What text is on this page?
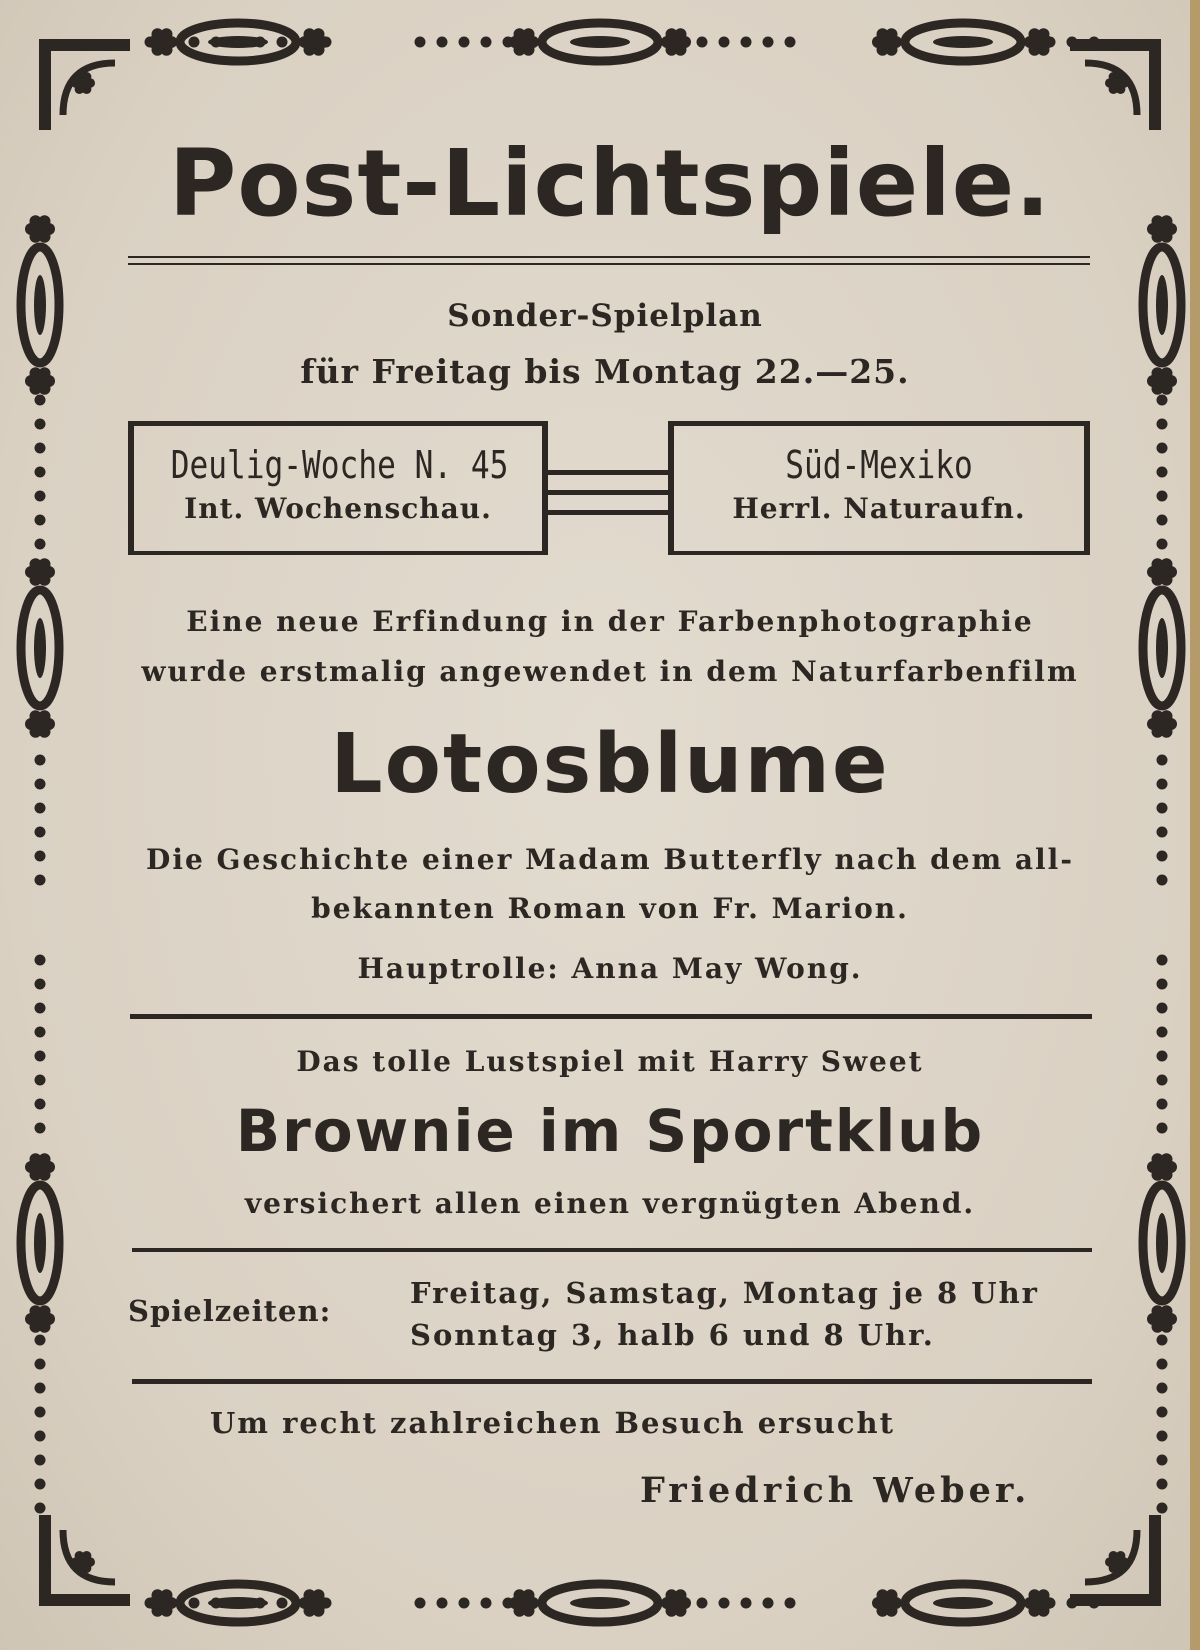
Post-Lichtspiele.
Sonder-Spielplan
für Freitag bis Montag 22.—25.
Deulig-Woche N. 45
Int. Wochenschau.
Süd-Mexiko
Herrl. Naturaufn.
Eine neue Erfindung in der Farbenphotographie
wurde erstmalig angewendet in dem Naturfarbenfilm
Lotosblume
Die Geschichte einer Madam Butterfly nach dem all-
bekannten Roman von Fr. Marion.
Hauptrolle: Anna May Wong.
Das tolle Lustspiel mit Harry Sweet
Brownie im Sportklub
versichert allen einen vergnügten Abend.
Spielzeiten:
Freitag, Samstag, Montag je 8 Uhr
Sonntag 3, halb 6 und 8 Uhr.
Um recht zahlreichen Besuch ersucht
Friedrich Weber.
